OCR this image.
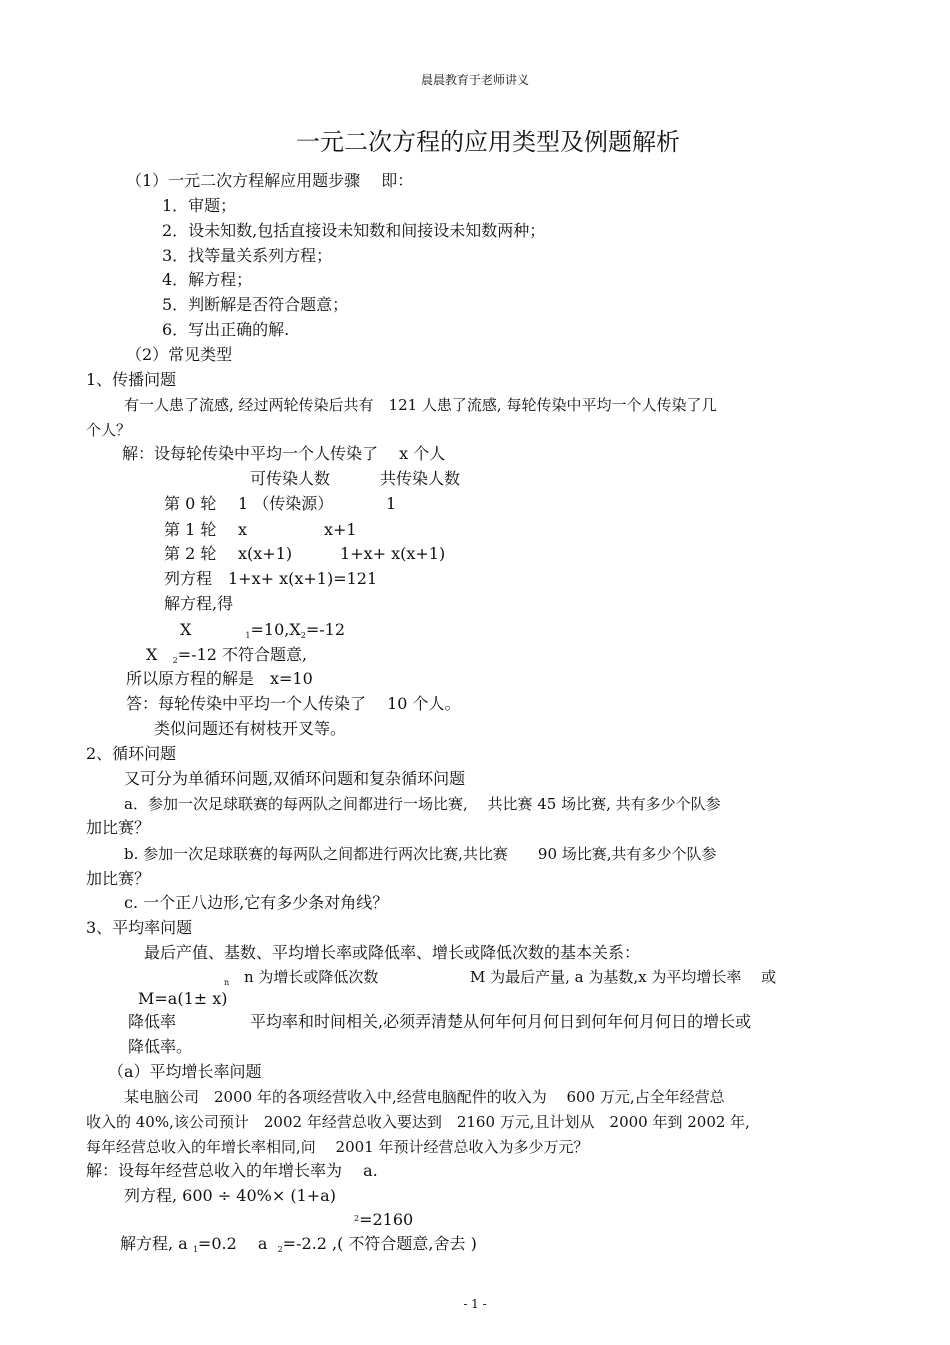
晨晨教育于老师讲义
一元二次方程的应用类型及例题解析
（1）一元二次方程解应用题步骤　 即：
1．审题；
2．设未知数,包括直接设未知数和间接设未知数两种；
3．找等量关系列方程；
4．解方程；
5．判断解是否符合题意；
6．写出正确的解.
（2）常见类型
1、传播问题
有一人患了流感, 经过两轮传染后共有　121 人患了流感, 每轮传染中平均一个人传染了几
个人？
解：设每轮传染中平均一个人传染了　 x 个人
可传染人数	共传染人数
第 0 轮 1 （传染源）	1
第 1 轮 x	x+1
第 2 轮 x(x+1)	1+x+ x(x+1)
列方程　1+x+ x(x+1)=121
解方程,得
X	$_1=10,X_2=-12$
X $_2$=-12 不符合题意,
所以原方程的解是　x=10
答：每轮传染中平均一个人传染了　 10 个人。
类似问题还有树枝开叉等。
2、循环问题
又可分为单循环问题,双循环问题和复杂循环问题
a．参加一次足球联赛的每两队之间都进行一场比赛,　 共比赛 45 场比赛, 共有多少个队参
加比赛？
b. 参加一次足球联赛的每两队之间都进行两次比赛,共比赛　　90 场比赛,共有多少个队参
加比赛？
c. 一个正八边形,它有多少条对角线？
3、平均率问题
最后产值、基数、平均增长率或降低率、增长或降低次数的基本关系：
$_n$ n 为增长或降低次数	M 为最后产量, a 为基数,x 为平均增长率　 或
M=a(1± x)
降低率	平均率和时间相关,必须弄清楚从何年何月何日到何年何月何日的增长或
降低率。
（a）平均增长率问题
某电脑公司　2000 年的各项经营收入中,经营电脑配件的收入为　 600 万元,占全年经营总
收入的 40%,该公司预计　2002 年经营总收入要达到　2160 万元,且计划从　2000 年到 2002 年,
每年经营总收入的年增长率相同,问　 2001 年预计经营总收入为多少万元？
解：设每年经营总收入的年增长率为　 a.
列方程, 600 ÷ 40%× (1+a)
$^2$=2160
解方程, a $_1$=0.2　 a $_2$=-2.2 ,( 不符合题意,舍去 )
- 1 -
